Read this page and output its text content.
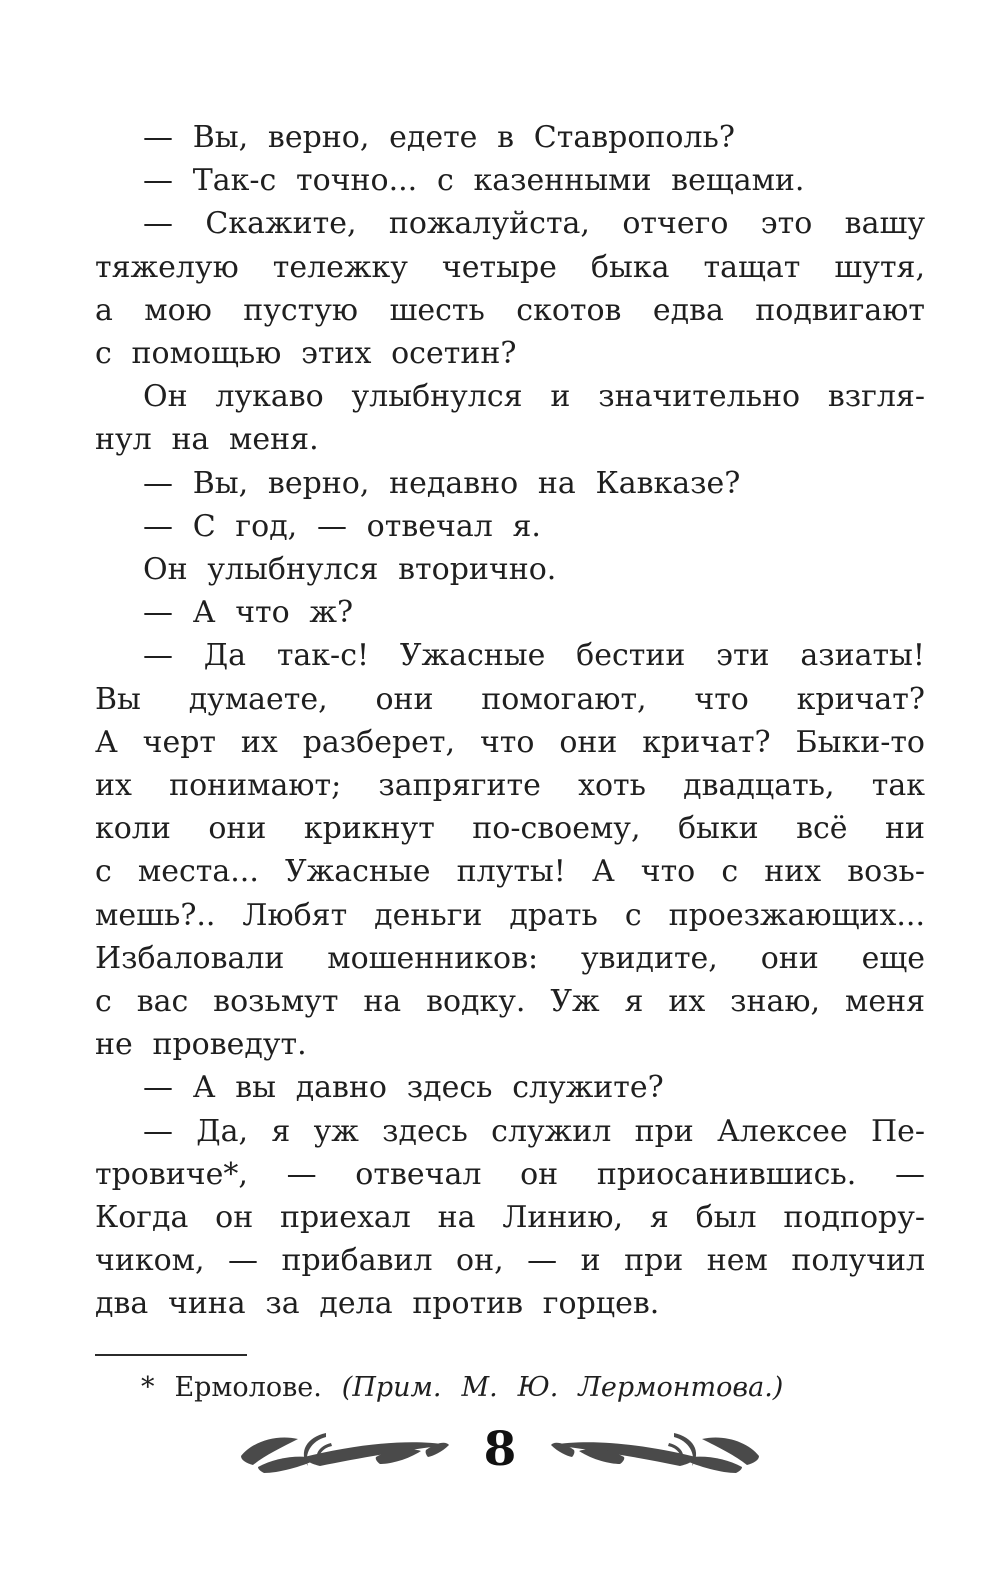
— Вы, верно, едете в Ставрополь?
— Так-с точно... с казенными вещами.
— Скажите, пожалуйста, отчего это вашу
тяжелую тележку четыре быка тащат шутя,
а мою пустую шесть скотов едва подвигают
с помощью этих осетин?
Он лукаво улыбнулся и значительно взгля-
нул на меня.
— Вы, верно, недавно на Кавказе?
— С год, — отвечал я.
Он улыбнулся вторично.
— А что ж?
— Да так-с! Ужасные бестии эти азиаты!
Вы думаете, они помогают, что кричат?
А черт их разберет, что они кричат? Быки-то
их понимают; запрягите хоть двадцать, так
коли они крикнут по-своему, быки всё ни
с места... Ужасные плуты! А что с них возь-
мешь?.. Любят деньги драть с проезжающих...
Избаловали мошенников: увидите, они еще
с вас возьмут на водку. Уж я их знаю, меня
не проведут.
— А вы давно здесь служите?
— Да, я уж здесь служил при Алексее Пе-
тровиче*, — отвечал он приосанившись. —
Когда он приехал на Линию, я был подпору-
чиком, — прибавил он, — и при нем получил
два чина за дела против горцев.
* Ермолове. (Прим. М. Ю. Лермонтова.)
8
